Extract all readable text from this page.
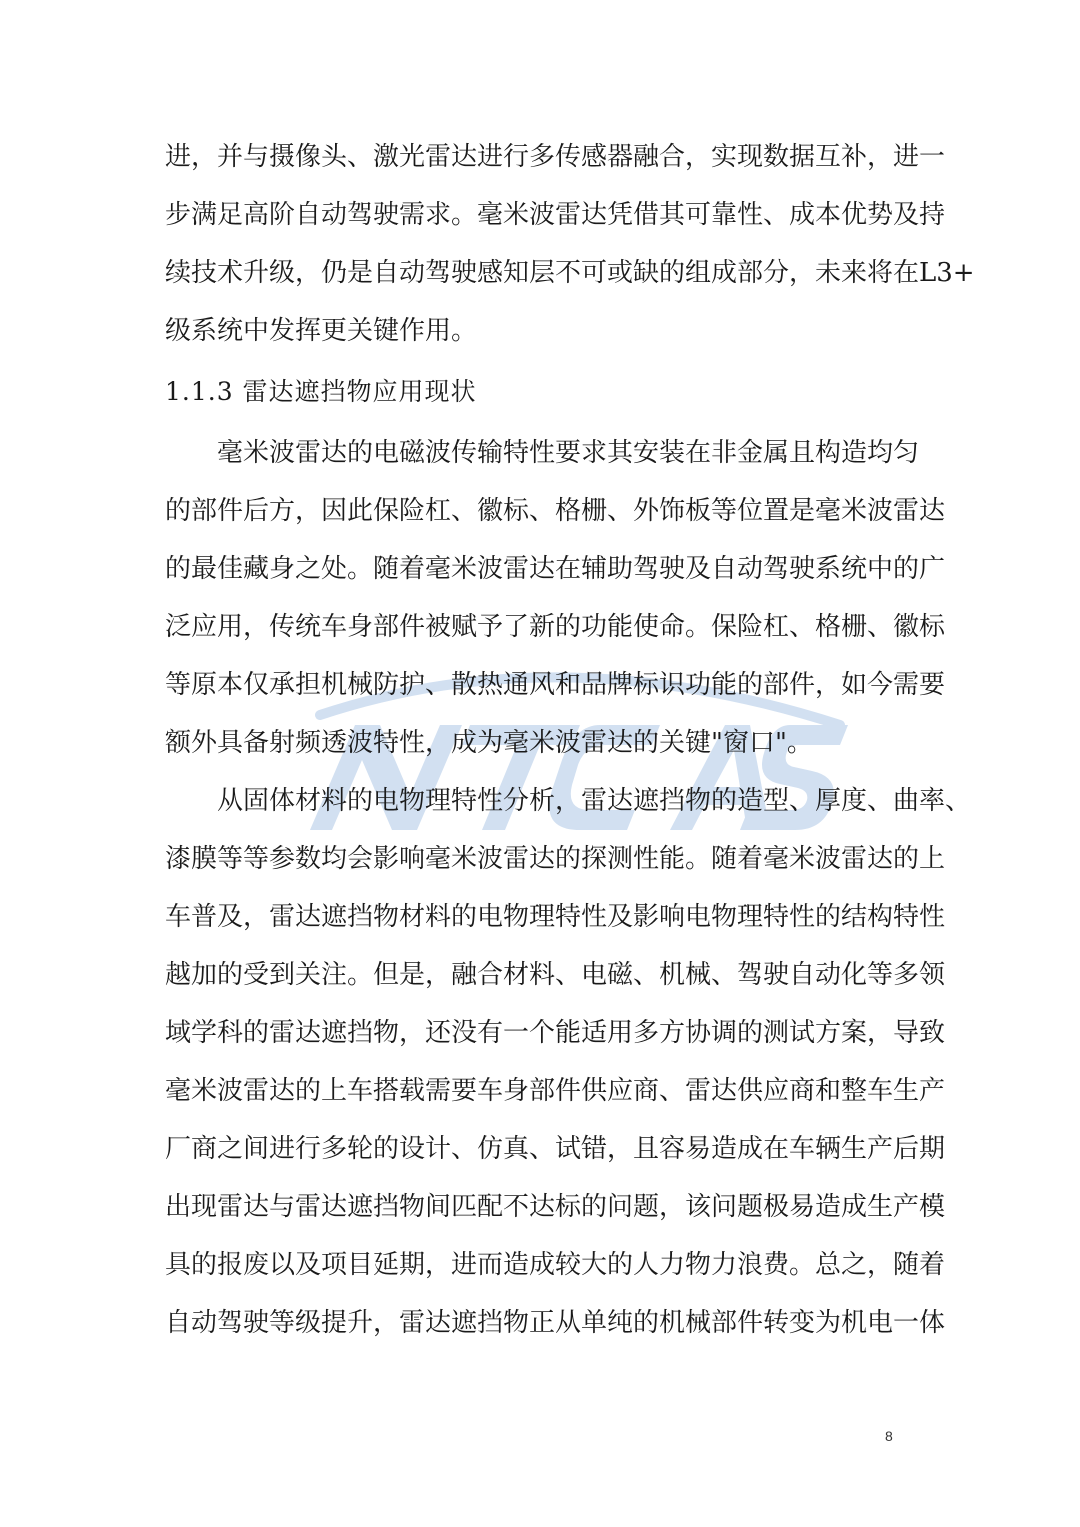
进，并与摄像头、激光雷达进行多传感器融合，实现数据互补，进一
步满足高阶自动驾驶需求。毫米波雷达凭借其可靠性、成本优势及持
续技术升级，仍是自动驾驶感知层不可或缺的组成部分，未来将在L3+
级系统中发挥更关键作用。
1.1.3 雷达遮挡物应用现状
毫米波雷达的电磁波传输特性要求其安装在非金属且构造均匀
的部件后方，因此保险杠、徽标、格栅、外饰板等位置是毫米波雷达
的最佳藏身之处。随着毫米波雷达在辅助驾驶及自动驾驶系统中的广
泛应用，传统车身部件被赋予了新的功能使命。保险杠、格栅、徽标
等原本仅承担机械防护、散热通风和品牌标识功能的部件，如今需要
额外具备射频透波特性，成为毫米波雷达的关键"窗口"。
从固体材料的电物理特性分析，雷达遮挡物的造型、厚度、曲率、
漆膜等等参数均会影响毫米波雷达的探测性能。随着毫米波雷达的上
车普及，雷达遮挡物材料的电物理特性及影响电物理特性的结构特性
越加的受到关注。但是，融合材料、电磁、机械、驾驶自动化等多领
域学科的雷达遮挡物，还没有一个能适用多方协调的测试方案，导致
毫米波雷达的上车搭载需要车身部件供应商、雷达供应商和整车生产
厂商之间进行多轮的设计、仿真、试错，且容易造成在车辆生产后期
出现雷达与雷达遮挡物间匹配不达标的问题，该问题极易造成生产模
具的报废以及项目延期，进而造成较大的人力物力浪费。总之，随着
自动驾驶等级提升，雷达遮挡物正从单纯的机械部件转变为机电一体
8
